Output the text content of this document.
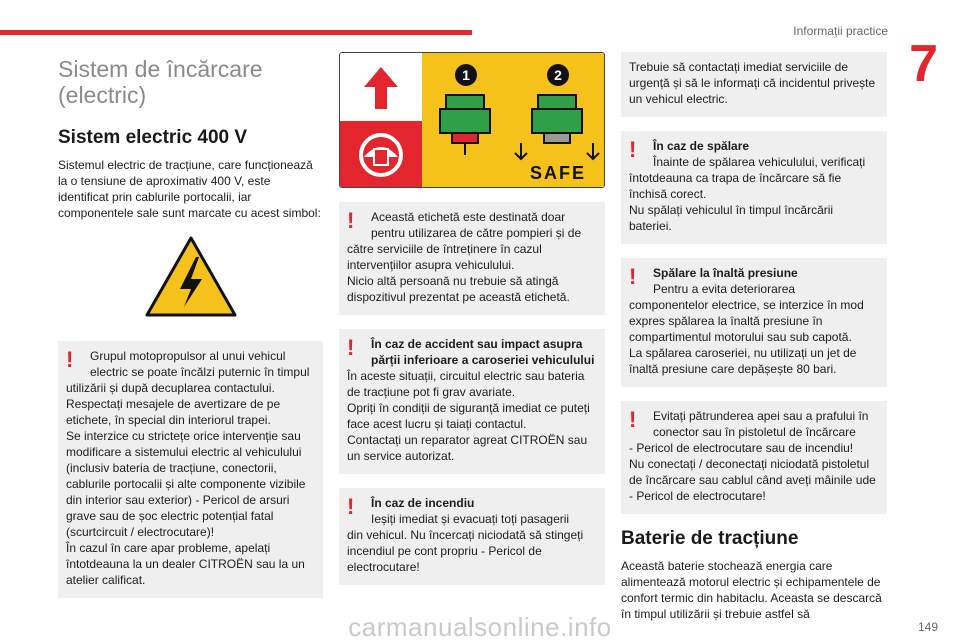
Informații practice
7
Sistem de încărcare (electric)
Sistem electric 400 V
Sistemul electric de tracțiune, care funcționează la o tensiune de aproximativ 400 V, este identificat prin cablurile portocalii, iar componentele sale sunt marcate cu acest simbol:
!	Grupul motopropulsor al unui vehicul electric se poate încălzi puternic în timpul
utilizării și după decuplarea contactului.
Respectați mesajele de avertizare de pe etichete, în special din interiorul trapei.
Se interzice cu strictețe orice intervenție sau modificare a sistemului electric al vehiculului (inclusiv bateria de tracțiune, conectorii, cablurile portocalii și alte componente vizibile din interior sau exterior) - Pericol de arsuri grave sau de șoc electric potențial fatal (scurtcircuit / electrocutare)!
În cazul în care apar probleme, apelați întotdeauna la un dealer CITROËN sau la un atelier calificat.
1	2
SAFE
!	Această etichetă este destinată doar pentru utilizarea de către pompieri și de
către serviciile de întreținere în cazul intervențiilor asupra vehiculului.
Nicio altă persoană nu trebuie să atingă dispozitivul prezentat pe această etichetă.
!	În caz de accident sau impact asupra părții inferioare a caroseriei vehiculului
În aceste situații, circuitul electric sau bateria de tracțiune pot fi grav avariate.
Opriți în condiții de siguranță imediat ce puteți face acest lucru și taiați contactul.
Contactați un reparator agreat CITROËN sau un service autorizat.
!	În caz de incendiu
Ieșiți imediat și evacuați toți pasagerii
din vehicul. Nu încercați niciodată să stingeți incendiul pe cont propriu - Pericol de electrocutare!
Trebuie să contactați imediat serviciile de urgență și să le informați că incidentul privește un vehicul electric.
!	În caz de spălare
Înainte de spălarea vehiculului, verificați
întotdeauna ca trapa de încărcare să fie închisă corect.
Nu spălați vehiculul în timpul încărcării bateriei.
!	Spălare la înaltă presiune
Pentru a evita deteriorarea
componentelor electrice, se interzice în mod expres spălarea la înaltă presiune în compartimentul motorului sau sub capotă.
La spălarea caroseriei, nu utilizați un jet de înaltă presiune care depășește 80 bari.
!	Evitați pătrunderea apei sau a prafului în conector sau în pistoletul de încărcare
- Pericol de electrocutare sau de incendiu!
Nu conectați / deconectați niciodată pistoletul de încărcare sau cablul când aveți mâinile ude - Pericol de electrocutare!
Baterie de tracțiune
Această baterie stochează energia care alimentează motorul electric și echipamentele de confort termic din habitaclu. Aceasta se descarcă în timpul utilizării și trebuie astfel să
149
carmanualsonline.info
